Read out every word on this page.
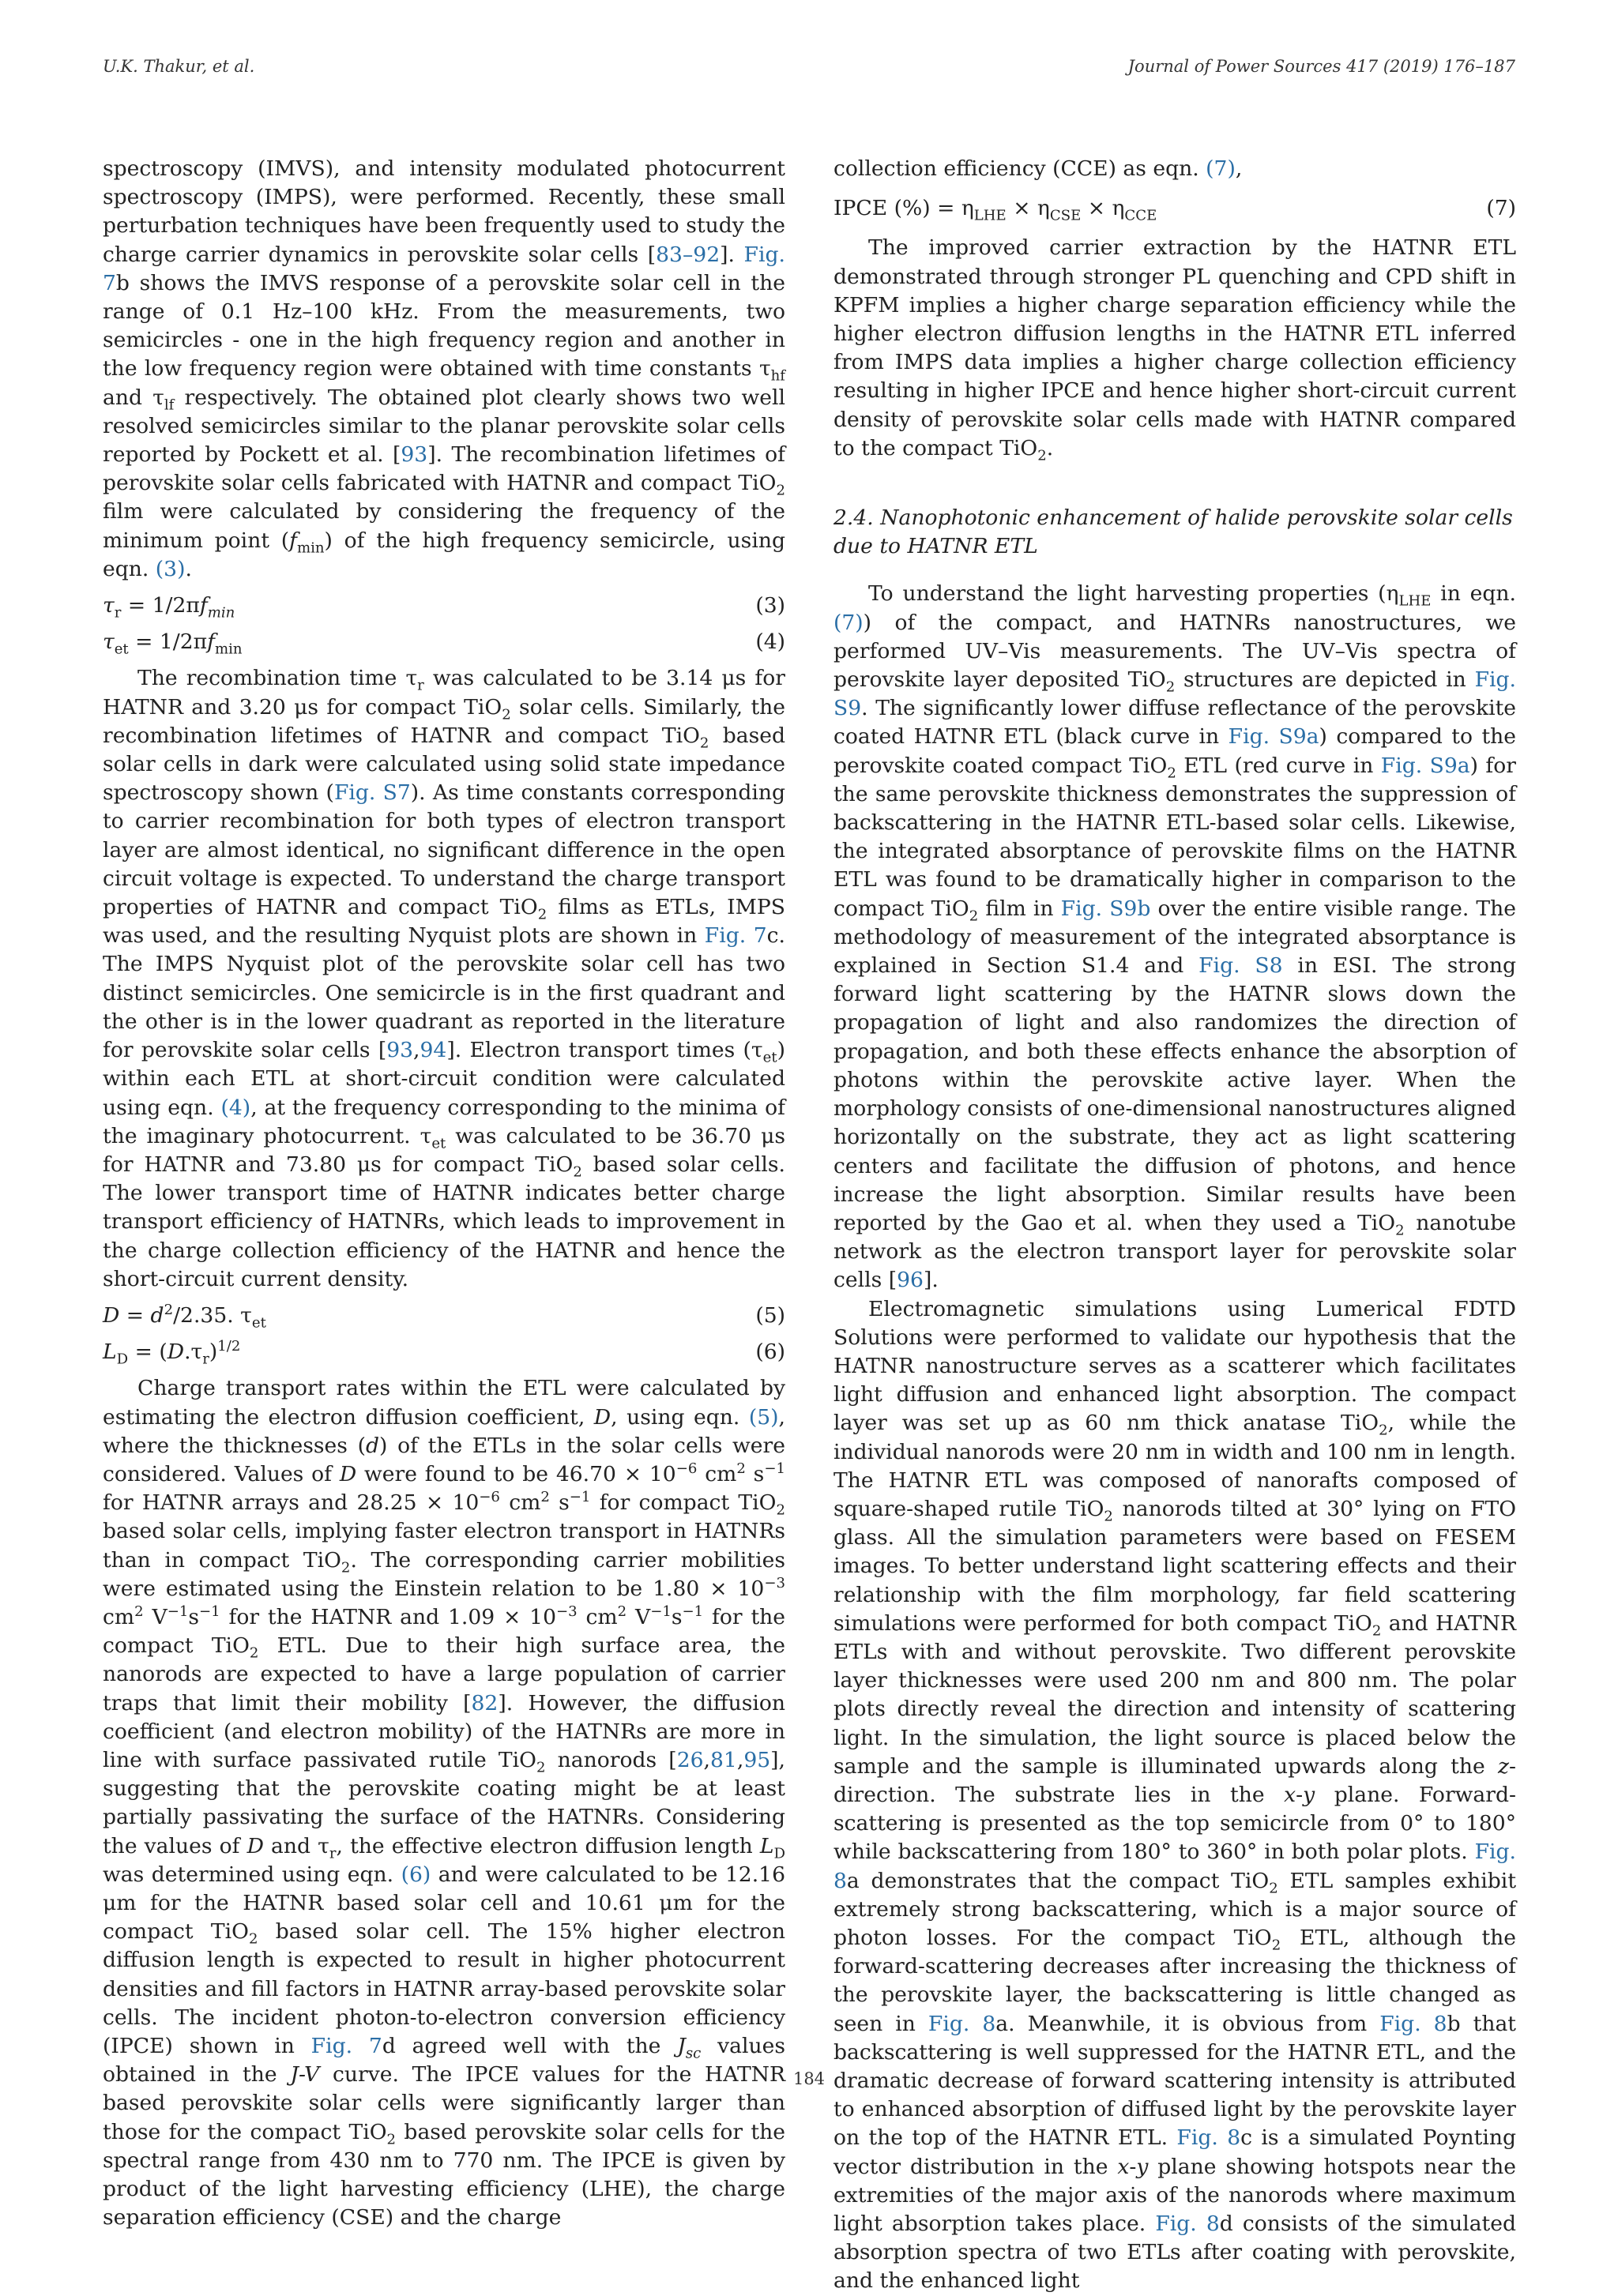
U.K. Thakur, et al.	Journal of Power Sources 417 (2019) 176–187

spectroscopy (IMVS), and intensity modulated photocurrent spectroscopy (IMPS), were performed. Recently, these small perturbation techniques have been frequently used to study the charge carrier dynamics in perovskite solar cells [83–92]. Fig. 7b shows the IMVS response of a perovskite solar cell in the range of 0.1 Hz–100 kHz. From the measurements, two semicircles - one in the high frequency region and another in the low frequency region were obtained with time constants $\tau_{hf}$ and $\tau_{lf}$ respectively. The obtained plot clearly shows two well resolved semicircles similar to the planar perovskite solar cells reported by Pockett et al. [93]. The recombination lifetimes of perovskite solar cells fabricated with HATNR and compact TiO$_2$ film were calculated by considering the frequency of the minimum point $(f_{min})$ of the high frequency semicircle, using eqn. (3).

$\tau_r = 1/2\pi f_{min}$	(3)
$\tau_{et} = 1/2\pi f_{min}$	(4)

The recombination time $\tau_r$ was calculated to be 3.14 μs for HATNR and 3.20 μs for compact TiO$_2$ solar cells. Similarly, the recombination lifetimes of HATNR and compact TiO$_2$ based solar cells in dark were calculated using solid state impedance spectroscopy shown (Fig. S7). As time constants corresponding to carrier recombination for both types of electron transport layer are almost identical, no significant difference in the open circuit voltage is expected. To understand the charge transport properties of HATNR and compact TiO$_2$ films as ETLs, IMPS was used, and the resulting Nyquist plots are shown in Fig. 7c. The IMPS Nyquist plot of the perovskite solar cell has two distinct semicircles. One semicircle is in the first quadrant and the other is in the lower quadrant as reported in the literature for perovskite solar cells [93,94]. Electron transport times $(\tau_{et})$ within each ETL at short-circuit condition were calculated using eqn. (4), at the frequency corresponding to the minima of the imaginary photocurrent. $\tau_{et}$ was calculated to be 36.70 μs for HATNR and 73.80 μs for compact TiO$_2$ based solar cells. The lower transport time of HATNR indicates better charge transport efficiency of HATNRs, which leads to improvement in the charge collection efficiency of the HATNR and hence the short-circuit current density.

$D = d^2/2.35$. $\tau_{et}$	(5)
$L_D = (D.\tau_r)^{1/2}$	(6)

Charge transport rates within the ETL were calculated by estimating the electron diffusion coefficient, D, using eqn. (5), where the thicknesses (d) of the ETLs in the solar cells were considered. Values of D were found to be $46.70 \times 10^{-6}$ $cm^2$ $s^{-1}$ for HATNR arrays and $28.25 \times 10^{-6}$ $cm^2$ $s^{-1}$ for compact TiO$_2$ based solar cells, implying faster electron transport in HATNRs than in compact TiO$_2$. The corresponding carrier mobilities were estimated using the Einstein relation to be $1.80 \times 10^{-3}$ $cm^2$ $V^{-1}s^{-1}$ for the HATNR and $1.09 \times 10^{-3}$ $cm^2$ $V^{-1}s^{-1}$ for the compact TiO$_2$ ETL. Due to their high surface area, the nanorods are expected to have a large population of carrier traps that limit their mobility [82]. However, the diffusion coefficient (and electron mobility) of the HATNRs are more in line with surface passivated rutile TiO$_2$ nanorods [26,81,95], suggesting that the perovskite coating might be at least partially passivating the surface of the HATNRs. Considering the values of D and $\tau_r$, the effective electron diffusion length $L_D$ was determined using eqn. (6) and were calculated to be 12.16 μm for the HATNR based solar cell and 10.61 μm for the compact TiO$_2$ based solar cell. The 15% higher electron diffusion length is expected to result in higher photocurrent densities and fill factors in HATNR array-based perovskite solar cells. The incident photon-to-electron conversion efficiency (IPCE) shown in Fig. 7d agreed well with the $J_{sc}$ values obtained in the J-V curve. The IPCE values for the HATNR based perovskite solar cells were significantly larger than those for the compact TiO$_2$ based perovskite solar cells for the spectral range from 430 nm to 770 nm. The IPCE is given by product of the light harvesting efficiency (LHE), the charge separation efficiency (CSE) and the charge

collection efficiency (CCE) as eqn. (7),

IPCE (%) = $\eta_{LHE} \times \eta_{CSE} \times \eta_{CCE}$	(7)

The improved carrier extraction by the HATNR ETL demonstrated through stronger PL quenching and CPD shift in KPFM implies a higher charge separation efficiency while the higher electron diffusion lengths in the HATNR ETL inferred from IMPS data implies a higher charge collection efficiency resulting in higher IPCE and hence higher short-circuit current density of perovskite solar cells made with HATNR compared to the compact TiO$_2$.

2.4. Nanophotonic enhancement of halide perovskite solar cells due to HATNR ETL

To understand the light harvesting properties ($\eta_{LHE}$ in eqn. (7)) of the compact, and HATNRs nanostructures, we performed UV–Vis measurements. The UV–Vis spectra of perovskite layer deposited TiO$_2$ structures are depicted in Fig. S9. The significantly lower diffuse reflectance of the perovskite coated HATNR ETL (black curve in Fig. S9a) compared to the perovskite coated compact TiO$_2$ ETL (red curve in Fig. S9a) for the same perovskite thickness demonstrates the suppression of backscattering in the HATNR ETL-based solar cells. Likewise, the integrated absorptance of perovskite films on the HATNR ETL was found to be dramatically higher in comparison to the compact TiO$_2$ film in Fig. S9b over the entire visible range. The methodology of measurement of the integrated absorptance is explained in Section S1.4 and Fig. S8 in ESI. The strong forward light scattering by the HATNR slows down the propagation of light and also randomizes the direction of propagation, and both these effects enhance the absorption of photons within the perovskite active layer. When the morphology consists of one-dimensional nanostructures aligned horizontally on the substrate, they act as light scattering centers and facilitate the diffusion of photons, and hence increase the light absorption. Similar results have been reported by the Gao et al. when they used a TiO$_2$ nanotube network as the electron transport layer for perovskite solar cells [96].

Electromagnetic simulations using Lumerical FDTD Solutions were performed to validate our hypothesis that the HATNR nanostructure serves as a scatterer which facilitates light diffusion and enhanced light absorption. The compact layer was set up as 60 nm thick anatase TiO$_2$, while the individual nanorods were 20 nm in width and 100 nm in length. The HATNR ETL was composed of nanorafts composed of square-shaped rutile TiO$_2$ nanorods tilted at 30° lying on FTO glass. All the simulation parameters were based on FESEM images. To better understand light scattering effects and their relationship with the film morphology, far field scattering simulations were performed for both compact TiO$_2$ and HATNR ETLs with and without perovskite. Two different perovskite layer thicknesses were used 200 nm and 800 nm. The polar plots directly reveal the direction and intensity of scattering light. In the simulation, the light source is placed below the sample and the sample is illuminated upwards along the z-direction. The substrate lies in the x-y plane. Forward-scattering is presented as the top semicircle from 0° to 180° while backscattering from 180° to 360° in both polar plots. Fig. 8a demonstrates that the compact TiO$_2$ ETL samples exhibit extremely strong backscattering, which is a major source of photon losses. For the compact TiO$_2$ ETL, although the forward-scattering decreases after increasing the thickness of the perovskite layer, the backscattering is little changed as seen in Fig. 8a. Meanwhile, it is obvious from Fig. 8b that backscattering is well suppressed for the HATNR ETL, and the dramatic decrease of forward scattering intensity is attributed to enhanced absorption of diffused light by the perovskite layer on the top of the HATNR ETL. Fig. 8c is a simulated Poynting vector distribution in the x-y plane showing hotspots near the extremities of the major axis of the nanorods where maximum light absorption takes place. Fig. 8d consists of the simulated absorption spectra of two ETLs after coating with perovskite, and the enhanced light

184
